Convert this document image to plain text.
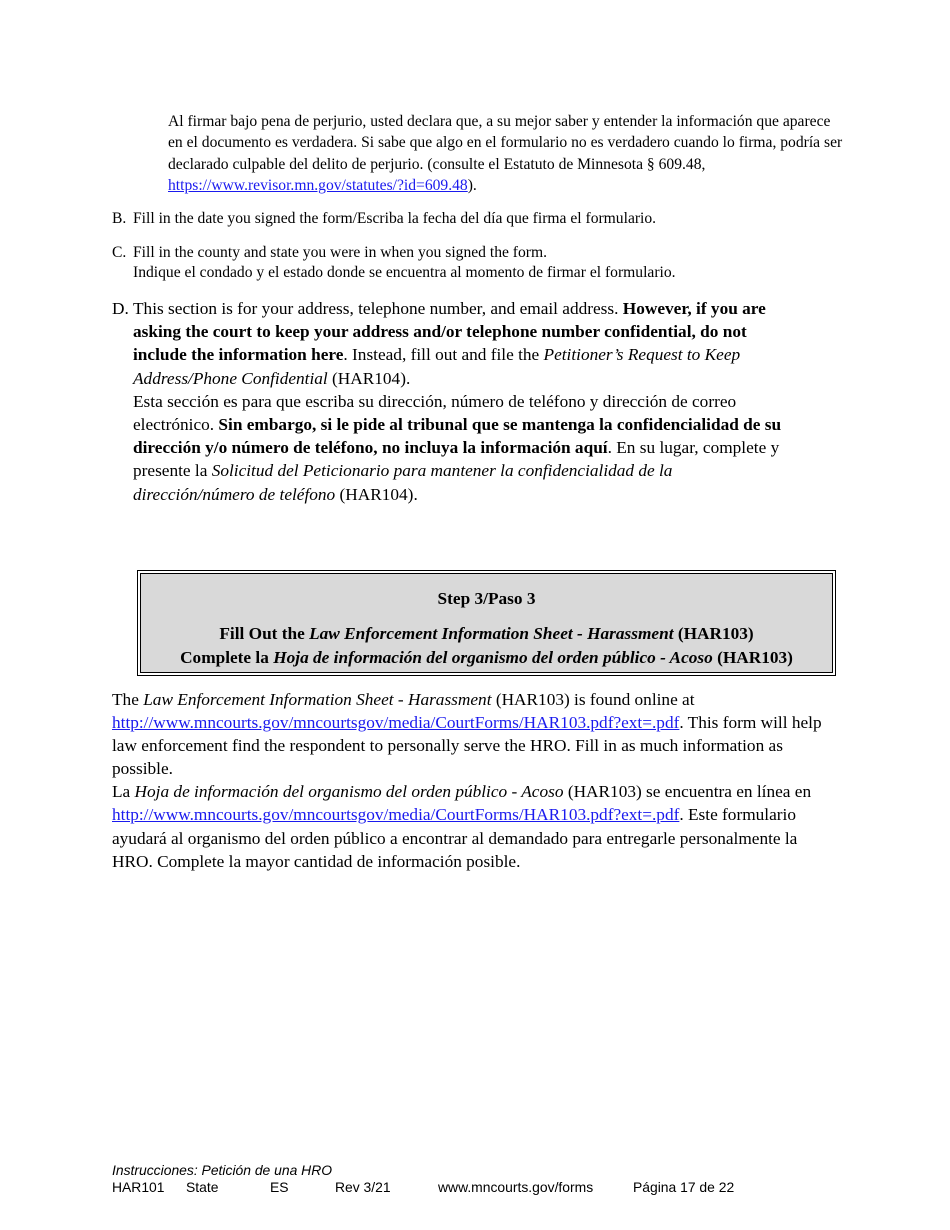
Al firmar bajo pena de perjurio, usted declara que, a su mejor saber y entender la información que aparece en el documento es verdadera. Si sabe que algo en el formulario no es verdadero cuando lo firma, podría ser declarado culpable del delito de perjurio. (consulte el Estatuto de Minnesota § 609.48, https://www.revisor.mn.gov/statutes/?id=609.48).
B. Fill in the date you signed the form/Escriba la fecha del día que firma el formulario.
C. Fill in the county and state you were in when you signed the form.
Indique el condado y el estado donde se encuentra al momento de firmar el formulario.
D. This section is for your address, telephone number, and email address. However, if you are asking the court to keep your address and/or telephone number confidential, do not include the information here. Instead, fill out and file the Petitioner’s Request to Keep Address/Phone Confidential (HAR104).
Esta sección es para que escriba su dirección, número de teléfono y dirección de correo electrónico. Sin embargo, si le pide al tribunal que se mantenga la confidencialidad de su dirección y/o número de teléfono, no incluya la información aquí. En su lugar, complete y presente la Solicitud del Peticionario para mantener la confidencialidad de la dirección/número de teléfono (HAR104).
Step 3/Paso 3
Fill Out the Law Enforcement Information Sheet - Harassment (HAR103)
Complete la Hoja de información del organismo del orden público - Acoso (HAR103)
The Law Enforcement Information Sheet - Harassment (HAR103) is found online at http://www.mncourts.gov/mncourtsgov/media/CourtForms/HAR103.pdf?ext=.pdf. This form will help law enforcement find the respondent to personally serve the HRO. Fill in as much information as possible.
La Hoja de información del organismo del orden público - Acoso (HAR103) se encuentra en línea en http://www.mncourts.gov/mncourtsgov/media/CourtForms/HAR103.pdf?ext=.pdf. Este formulario ayudará al organismo del orden público a encontrar al demandado para entregarle personalmente la HRO. Complete la mayor cantidad de información posible.
Instrucciones: Petición de una HRO
HAR101 State	ES	Rev 3/21	www.mncourts.gov/forms	Página 17 de 22
